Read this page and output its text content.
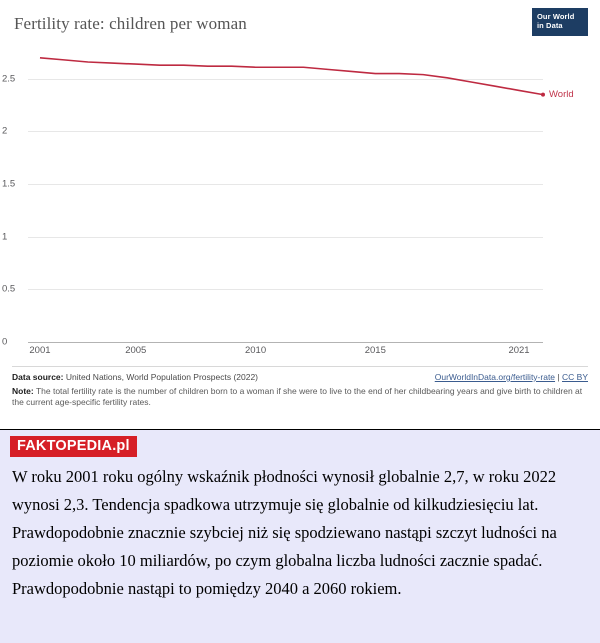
Fertility rate: children per woman	Our World
in Data
0
0.5
1
1.5
2
2.5
World
2001	2005	2010	2015	2021
Data source: United Nations, World Population Prospects (2022)	OurWorldInData.org/fertility-rate | CC BY
Note: The total fertility rate is the number of children born to a woman if she were to live to the end of her childbearing years and give birth to children at the current age-specific fertility rates.
FAKTOPEDIA.pl

W roku 2001 roku ogólny wskaźnik płodności wynosił globalnie 2,7, w roku 2022 wynosi 2,3. Tendencja spadkowa utrzymuje się globalnie od kilkudziesięciu lat. Prawdopodobnie znacznie szybciej niż się spodziewano nastąpi szczyt ludności na poziomie około 10 miliardów, po czym globalna liczba ludności zacznie spadać. Prawdopodobnie nastąpi to pomiędzy 2040 a 2060 rokiem.
